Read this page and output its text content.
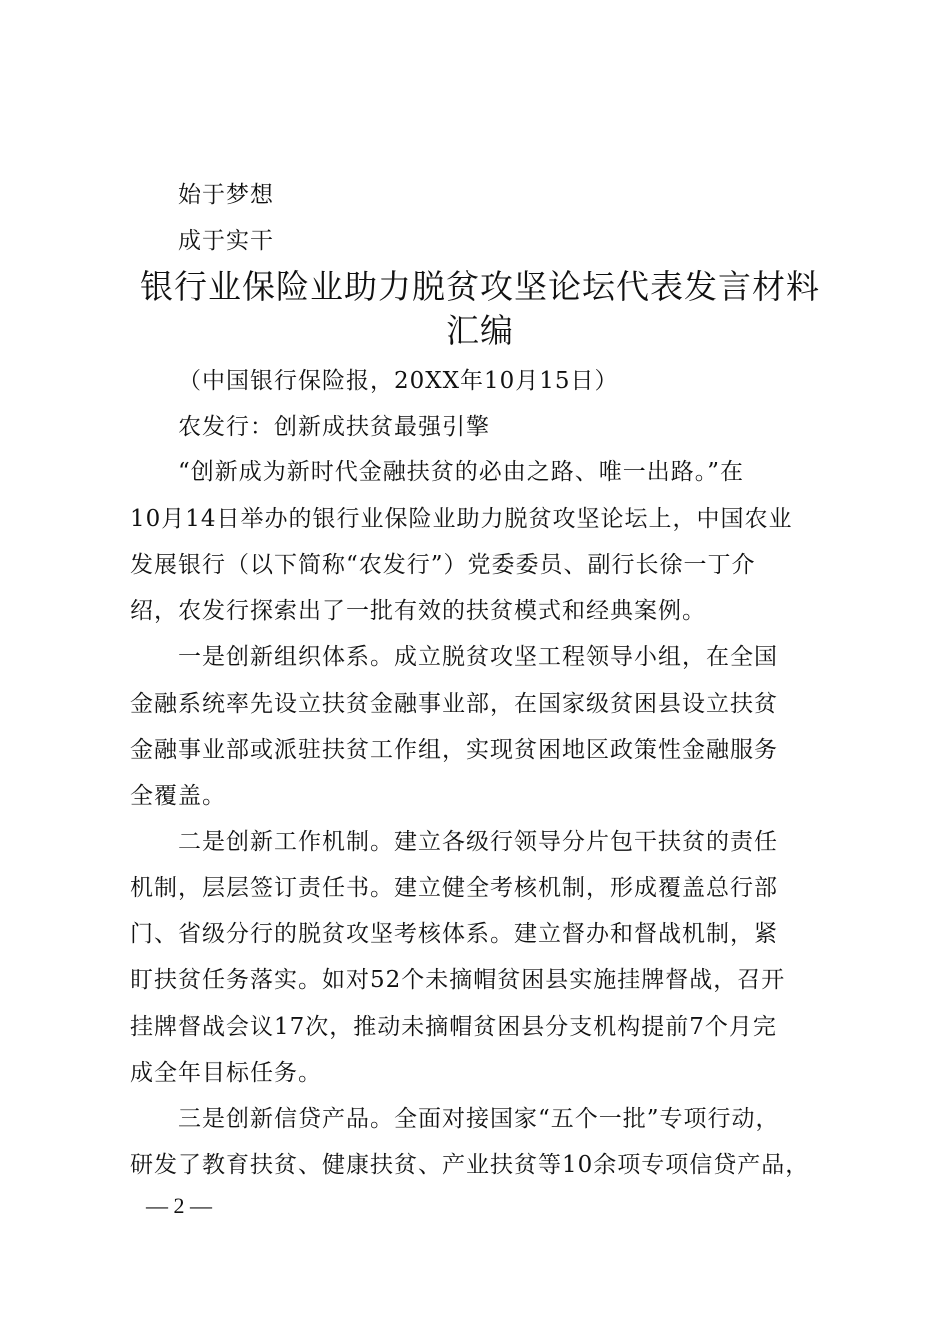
始于梦想
成于实干
银行业保险业助力脱贫攻坚论坛代表发言材料
汇编
（中国银行保险报，20XX年10月15日）
农发行：创新成扶贫最强引擎
“创新成为新时代金融扶贫的必由之路、唯一出路。”在
10月14日举办的银行业保险业助力脱贫攻坚论坛上，中国农业
发展银行（以下简称“农发行”）党委委员、副行长徐一丁介
绍，农发行探索出了一批有效的扶贫模式和经典案例。
一是创新组织体系。成立脱贫攻坚工程领导小组，在全国
金融系统率先设立扶贫金融事业部，在国家级贫困县设立扶贫
金融事业部或派驻扶贫工作组，实现贫困地区政策性金融服务
全覆盖。
二是创新工作机制。建立各级行领导分片包干扶贫的责任
机制，层层签订责任书。建立健全考核机制，形成覆盖总行部
门、省级分行的脱贫攻坚考核体系。建立督办和督战机制，紧
盯扶贫任务落实。如对52个未摘帽贫困县实施挂牌督战，召开
挂牌督战会议17次，推动未摘帽贫困县分支机构提前7个月完
成全年目标任务。
三是创新信贷产品。全面对接国家“五个一批”专项行动，
研发了教育扶贫、健康扶贫、产业扶贫等10余项专项信贷产品，
— 2 —
